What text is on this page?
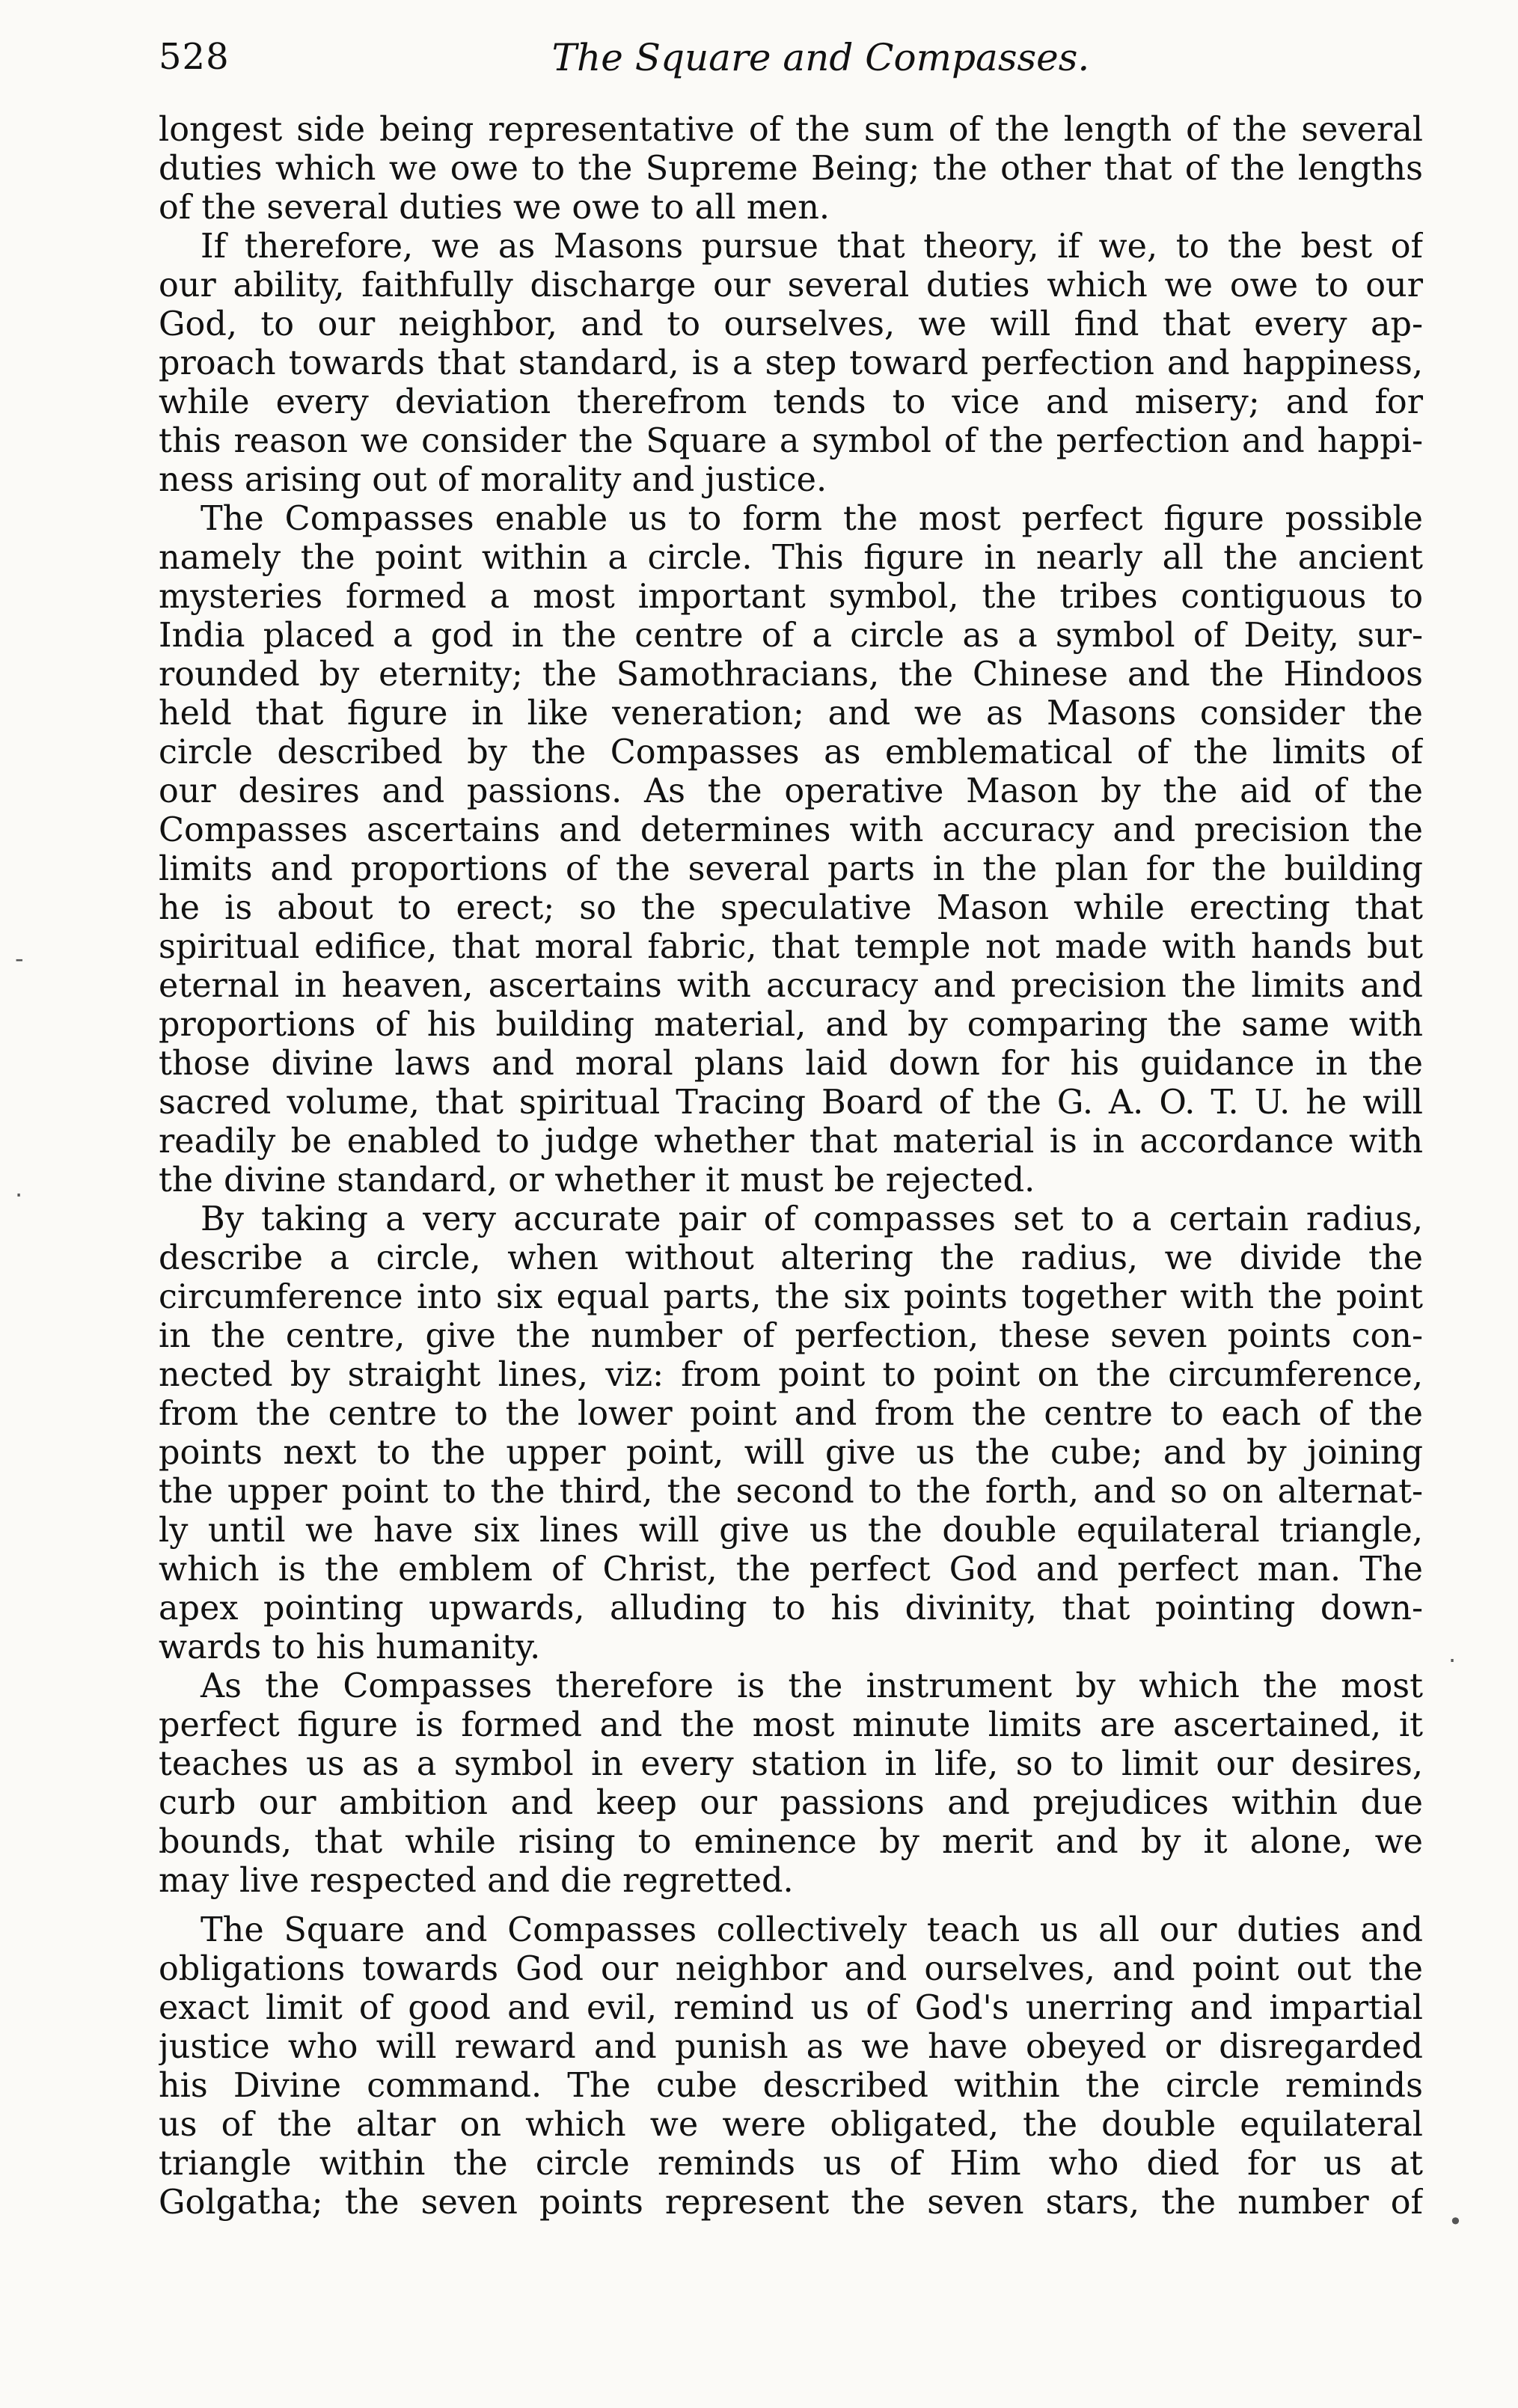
528	The Square and Compasses.
longest side being representative of the sum of the length of the several
duties which we owe to the Supreme Being; the other that of the lengths
of the several duties we owe to all men.
If therefore, we as Masons pursue that theory, if we, to the best of
our ability, faithfully discharge our several duties which we owe to our
God, to our neighbor, and to ourselves, we will find that every ap-
proach towards that standard, is a step toward perfection and happiness,
while every deviation therefrom tends to vice and misery; and for
this reason we consider the Square a symbol of the perfection and happi-
ness arising out of morality and justice.
The Compasses enable us to form the most perfect figure possible
namely the point within a circle. This figure in nearly all the ancient
mysteries formed a most important symbol, the tribes contiguous to
India placed a god in the centre of a circle as a symbol of Deity, sur-
rounded by eternity; the Samothracians, the Chinese and the Hindoos
held that figure in like veneration; and we as Masons consider the
circle described by the Compasses as emblematical of the limits of
our desires and passions. As the operative Mason by the aid of the
Compasses ascertains and determines with accuracy and precision the
limits and proportions of the several parts in the plan for the building
he is about to erect; so the speculative Mason while erecting that
spiritual edifice, that moral fabric, that temple not made with hands but
eternal in heaven, ascertains with accuracy and precision the limits and
proportions of his building material, and by comparing the same with
those divine laws and moral plans laid down for his guidance in the
sacred volume, that spiritual Tracing Board of the G. A. O. T. U. he will
readily be enabled to judge whether that material is in accordance with
the divine standard, or whether it must be rejected.
By taking a very accurate pair of compasses set to a certain radius,
describe a circle, when without altering the radius, we divide the
circumference into six equal parts, the six points together with the point
in the centre, give the number of perfection, these seven points con-
nected by straight lines, viz: from point to point on the circumference,
from the centre to the lower point and from the centre to each of the
points next to the upper point, will give us the cube; and by joining
the upper point to the third, the second to the forth, and so on alternat-
ly until we have six lines will give us the double equilateral triangle,
which is the emblem of Christ, the perfect God and perfect man. The
apex pointing upwards, alluding to his divinity, that pointing down-
wards to his humanity.
As the Compasses therefore is the instrument by which the most
perfect figure is formed and the most minute limits are ascertained, it
teaches us as a symbol in every station in life, so to limit our desires,
curb our ambition and keep our passions and prejudices within due
bounds, that while rising to eminence by merit and by it alone, we
may live respected and die regretted.
The Square and Compasses collectively teach us all our duties and
obligations towards God our neighbor and ourselves, and point out the
exact limit of good and evil, remind us of God's unerring and impartial
justice who will reward and punish as we have obeyed or disregarded
his Divine command. The cube described within the circle reminds
us of the altar on which we were obligated, the double equilateral
triangle within the circle reminds us of Him who died for us at
Golgatha; the seven points represent the seven stars, the number of
-
·
·
•
